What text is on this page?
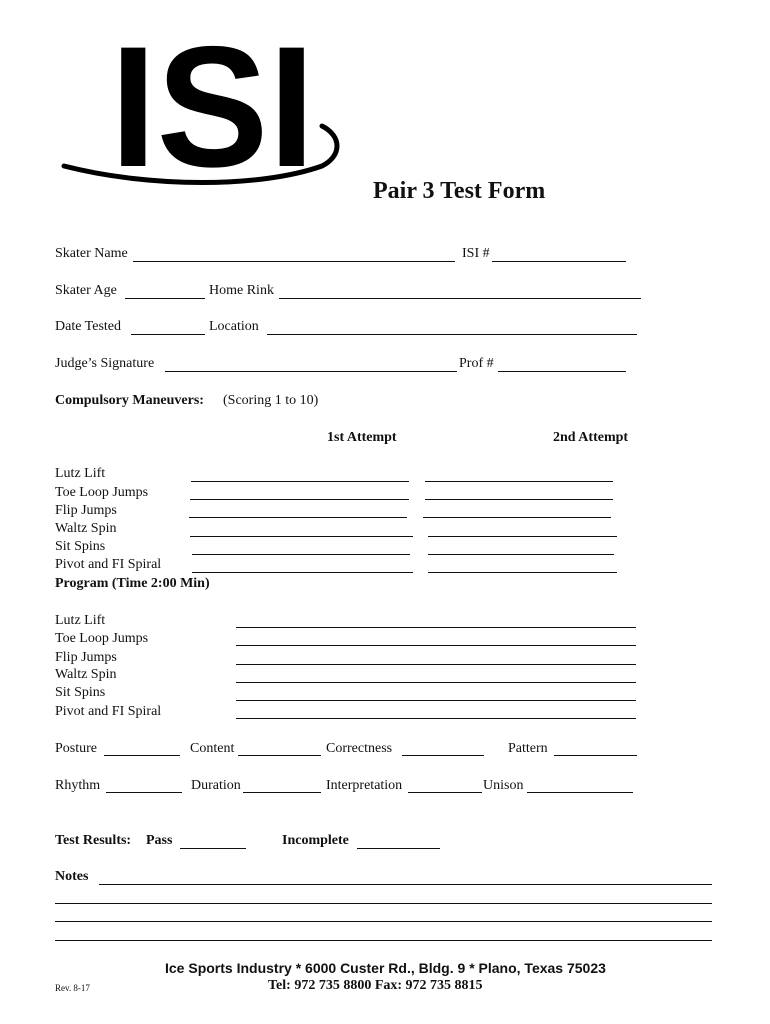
ISI Pair 3 Test Form
Skater Name	ISI #
Skater Age	Home Rink
Date Tested	Location
Judge’s Signature	Prof #
Compulsory Maneuvers: (Scoring 1 to 10)
1st Attempt	2nd Attempt
Lutz Lift
Toe Loop Jumps
Flip Jumps
Waltz Spin
Sit Spins
Pivot and FI Spiral
Program (Time 2:00 Min)
Lutz Lift
Toe Loop Jumps
Flip Jumps
Waltz Spin
Sit Spins
Pivot and FI Spiral
Posture	Content	Correctness	Pattern
Rhythm	Duration	Interpretation	Unison
Test Results: Pass	Incomplete
Notes
Ice Sports Industry * 6000 Custer Rd., Bldg. 9 * Plano, Texas 75023
Tel: 972 735 8800 Fax: 972 735 8815
Rev. 8-17
